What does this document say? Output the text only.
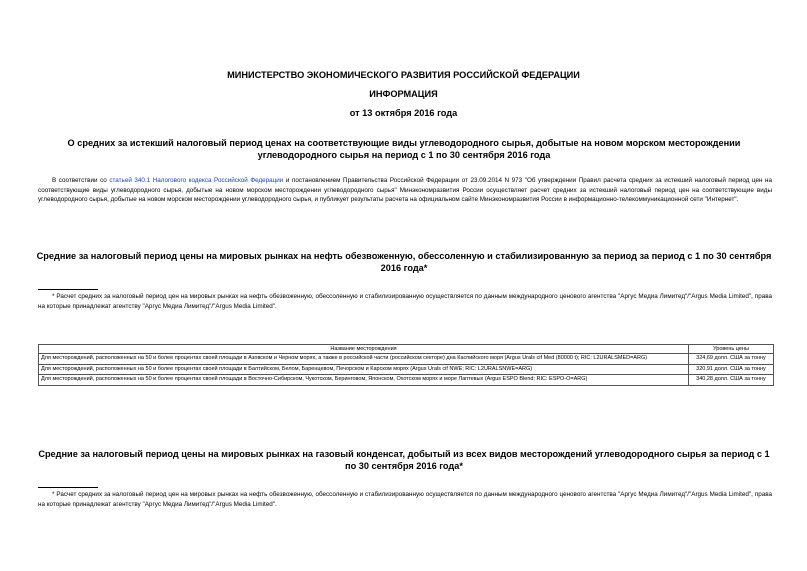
МИНИСТЕРСТВО ЭКОНОМИЧЕСКОГО РАЗВИТИЯ РОССИЙСКОЙ ФЕДЕРАЦИИ
ИНФОРМАЦИЯ
от 13 октября 2016 года
О средних за истекший налоговый период ценах на соответствующие виды углеводородного сырья, добытые на новом морском месторождении углеводородного сырья на период с 1 по 30 сентября 2016 года
В соответствии со статьей 340.1 Налогового кодекса Российской Федерации и постановлением Правительства Российской Федерации от 23.09.2014 N 973 "Об утверждении Правил расчета средних за истекший налоговый период цен на соответствующие виды углеводородного сырья, добытые на новом морском месторождении углеводородного сырья" Минэкономразвития России осуществляет расчет средних за истекший налоговый период цен на соответствующие виды углеводородного сырья, добытые на новом морском месторождении углеводородного сырья, и публикует результаты расчета на официальном сайте Минэкономразвития России в информационно-телекоммуникационной сети "Интернет".
Средние за налоговый период цены на мировых рынках на нефть обезвоженную, обессоленную и стабилизированную за период за период с 1 по 30 сентября 2016 года*
* Расчет средних за налоговый период цен на мировых рынках на нефть обезвоженную, обессоленную и стабилизированную осуществляется по данным международного ценового агентства "Аргус Медиа Лимитед"/"Argus Media Limited", права на которые принадлежат агентству "Аргус Медиа Лимитед"/"Argus Media Limited".
Название месторождения	Уровень цены
Для месторождений, расположенных на 50 и более процентах своей площади в Азовском и Черном морях, а также в российской части (российском секторе) дна Каспийского моря (Argus Urals cif Med (80000 t); RIC: L2URALSMED=ARG)	324,69 долл. США за тонну
Для месторождений, расположенных на 50 и более процентах своей площади в Балтийском, Белом, Баренцевом, Печорском и Карском морях (Argus Urals cif NWE; RIC: L2URALSNWE=ARG)	320,91 долл. США за тонну
Для месторождений, расположенных на 50 и более процентах своей площади в Восточно-Сибирском, Чукотском, Беринговом, Японском, Охотском морях и море Лаптевых (Argus ESPO Blend; RIC: ESPO-O=ARG)	340,28 долл. США за тонну
Средние за налоговый период цены на мировых рынках на газовый конденсат, добытый из всех видов месторождений углеводородного сырья за период с 1 по 30 сентября 2016 года*
* Расчет средних за налоговый период цен на мировых рынках на нефть обезвоженную, обессоленную и стабилизированную осуществляется по данным международного ценового агентства "Аргус Медиа Лимитед"/"Argus Media Limited", права на которые принадлежат агентству "Аргус Медиа Лимитед"/"Argus Media Limited".
